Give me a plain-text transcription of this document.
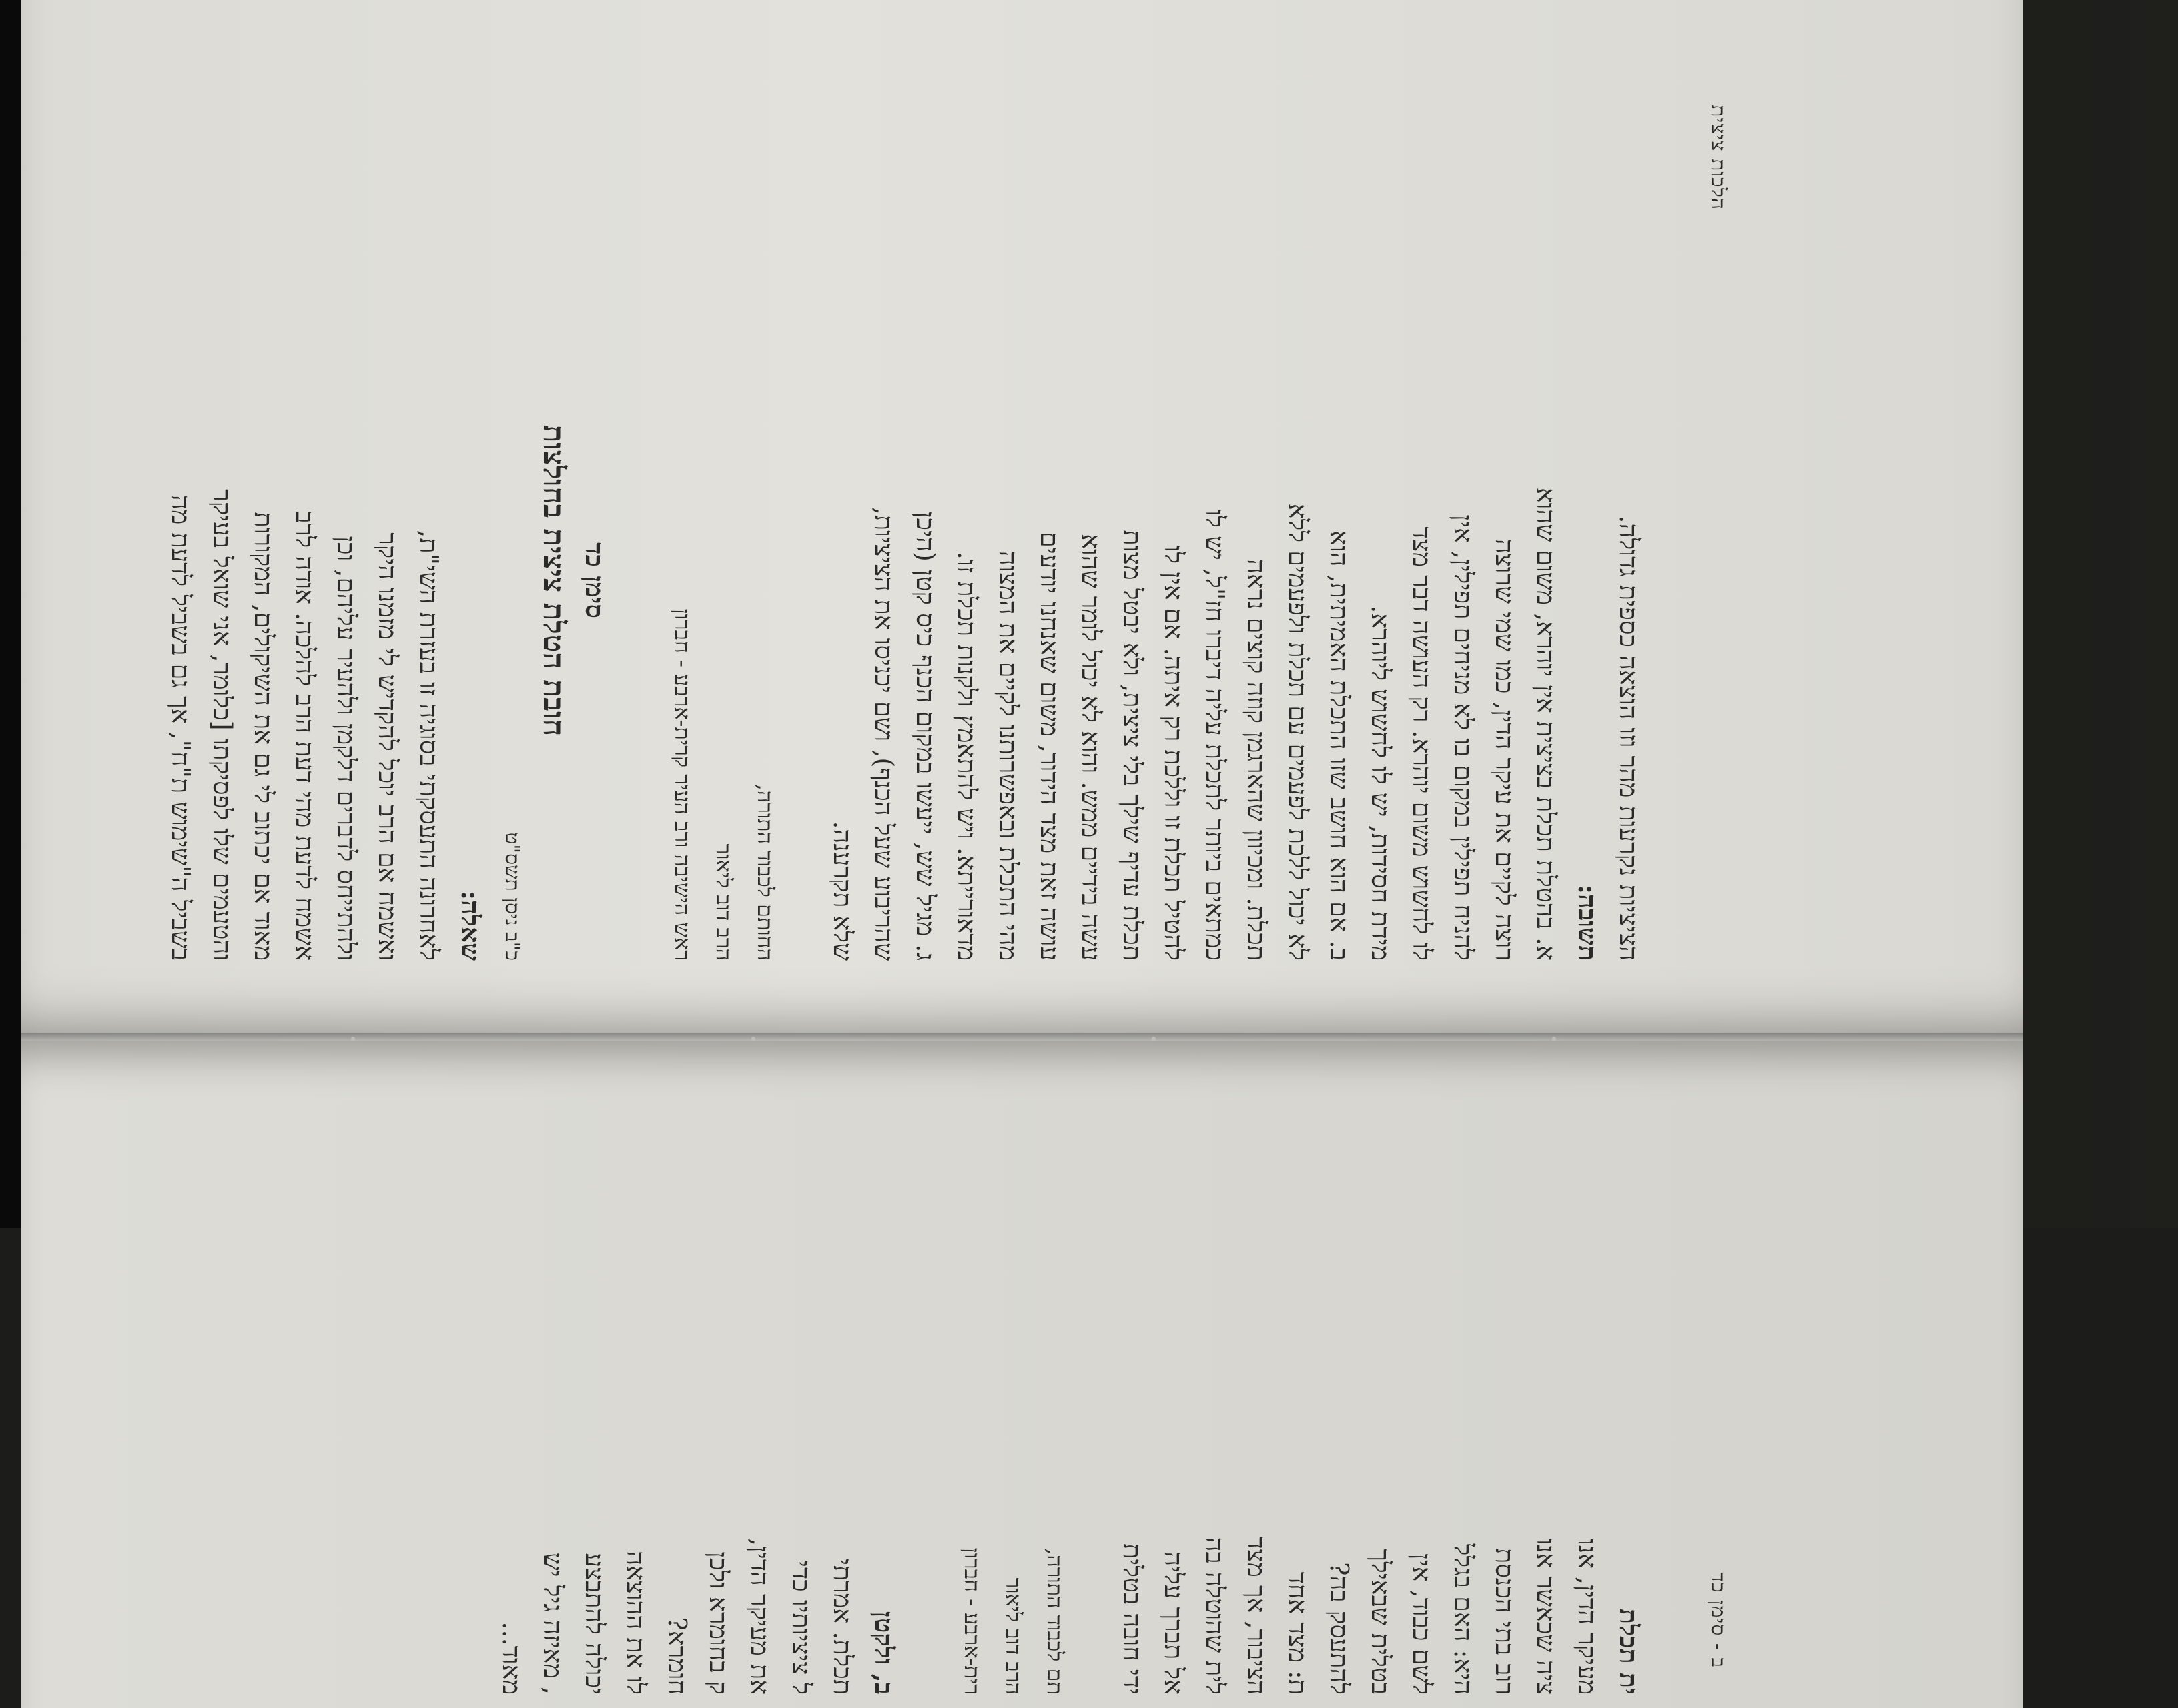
הלכות ציצית
הציציות נקרעות מהר וזו הוצאה כספית גדולה.
תשובה:
א. בהטלת תכלת בציצית אין יוהרא, משום שהוא
רוצה לקיים את עיקר הדין, כמו שמי שרוצה
להניח תפילין במקום בו לא מניחים תפילין, אין
לו לחשוש משום יוהרא. רק העושה דבר מצד
מידת חסידות, יש לו לחשוש ליוהרא.
ב. אם הוא חושב שזו התכלת האמיתית, הוא
לא יכול ללכת לפעמים עם תכלת ולפעמים ללא
תכלת. ומכיוון שהארגמן קוזה קוצים נראה
כמתאים ביותר לתכלת עליה דיברו חז"ל, יש לו
להטיל תכלת זו וללכת רק איתה. אם אין לו
תכלת עדיף שילך בלי ציצית, ולא יבטל מצות
עשה בידיים ממש. והוא לא יכול לומר שהוא
עושה זאת מצד הידור, משום שאנחנו יודעים
מהי התכלת ובאפשרותנו לקיים את המצוה
מדאורייתא. ויש להתאמץ ולקנות תכלת זו.
ג. מגיל שש, ייעשו במקום הכנף כיס קטן (היכן
שהריבוע שעל הכנף), ושם יכניסו את הציציות,
שלא תקרענה.
החותם לכבוד התורה,
הרב דוב ליאור
ראש הישיבה ורב העיר קרית-ארבע - חברון
סימן כד
חובת הטלת ציצית בחולצות
כ"ב ניסן תשס"ט
שאלה:
לאחרונה התעסקתי בסוגיה זו בעזרת השי"ת,
ואשמח אם הרב יוכל להקדיש לי מזמנו היקר
ולהתייחס לדברים דלקמן ולהעיר עליהם, וכן
אשמח לדעת מהי דעת הרב להלכה. אודה לרב
מאוד אם יכתוב לי גם את השיקולים, המקורות
והטעמים שלו לפסיקתו [כלומר, אני שואל בעיקר
בשביל ה"שימוש ת"ח", אך גם בשביל לדעת מה
ב - סימן כד
ית תכלת
מעיקר הדין, אנו
ציה שכאשר אנו
רוב בתי הכנסת
היא: האם בגלל
לשם כבוד, אין
בטלית שבאילך
להתעסק בה?
ת: מצד אחד
הציבור, אך מצד
לית שהוטלה בה
אל תברך עליה
ידי חובה בטלית
תם לכבוד התורה,
הרב דוב ליאור
רית-ארבע - חברון
ב, ולקטן
תכלת. אמרתי
ל ציציותיו כדי
את מעיקר הדין,
ק בחומרא ולכן
חומרא?
לו את ההוצאה
יכולה להתבצע
, מאיזה גיל יש
מאוד...
